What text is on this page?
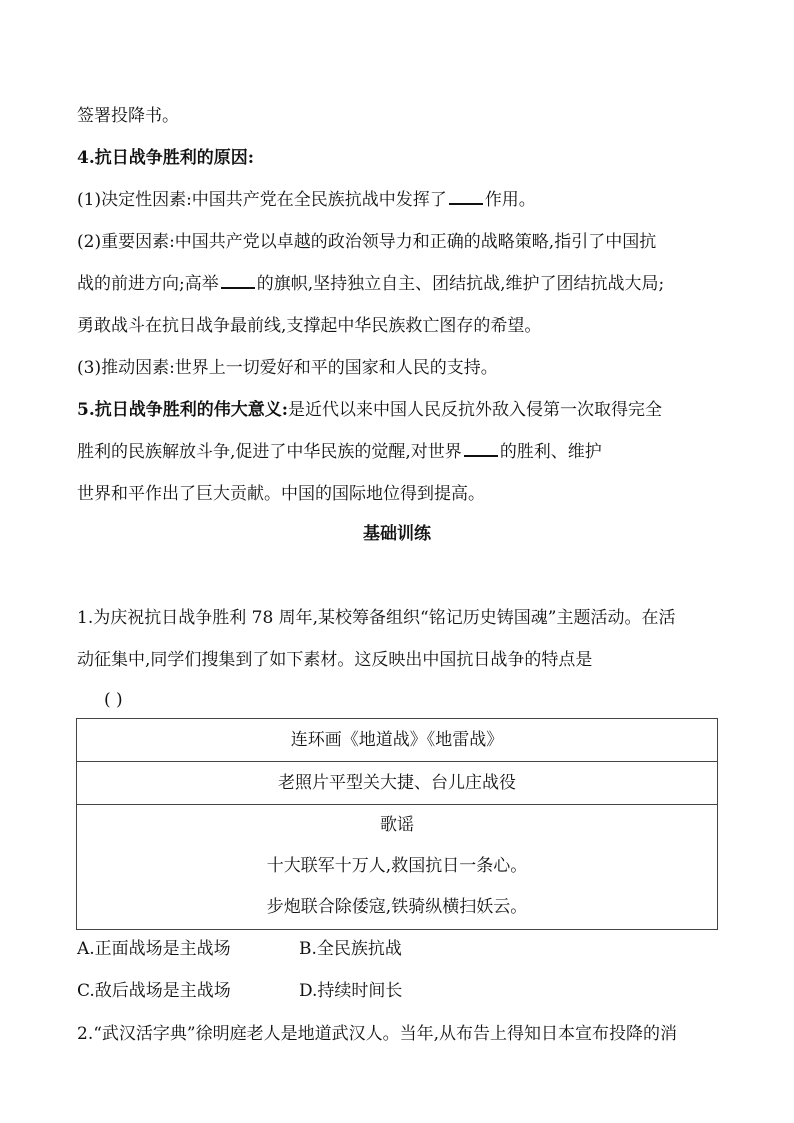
签署投降书。
4.抗日战争胜利的原因:
(1)决定性因素:中国共产党在全民族抗战中发挥了 作用。
(2)重要因素:中国共产党以卓越的政治领导力和正确的战略策略,指引了中国抗
战的前进方向;高举 的旗帜,坚持独立自主、团结抗战,维护了团结抗战大局;
勇敢战斗在抗日战争最前线,支撑起中华民族救亡图存的希望。
(3)推动因素:世界上一切爱好和平的国家和人民的支持。
5.抗日战争胜利的伟大意义:是近代以来中国人民反抗外敌入侵第一次取得完全
胜利的民族解放斗争,促进了中华民族的觉醒,对世界 的胜利、维护
世界和平作出了巨大贡献。中国的国际地位得到提高。
基础训练
1.为庆祝抗日战争胜利 78 周年,某校筹备组织“铭记历史铸国魂”主题活动。在活
动征集中,同学们搜集到了如下素材。这反映出中国抗日战争的特点是
( )
连环画《地道战》《地雷战》
老照片平型关大捷、台儿庄战役

歌谣
十大联军十万人,救国抗日一条心。
步炮联合除倭寇,铁骑纵横扫妖云。
A.正面战场是主战场	B.全民族抗战
C.敌后战场是主战场	D.持续时间长
2.“武汉活字典”徐明庭老人是地道武汉人。当年,从布告上得知日本宣布投降的消
